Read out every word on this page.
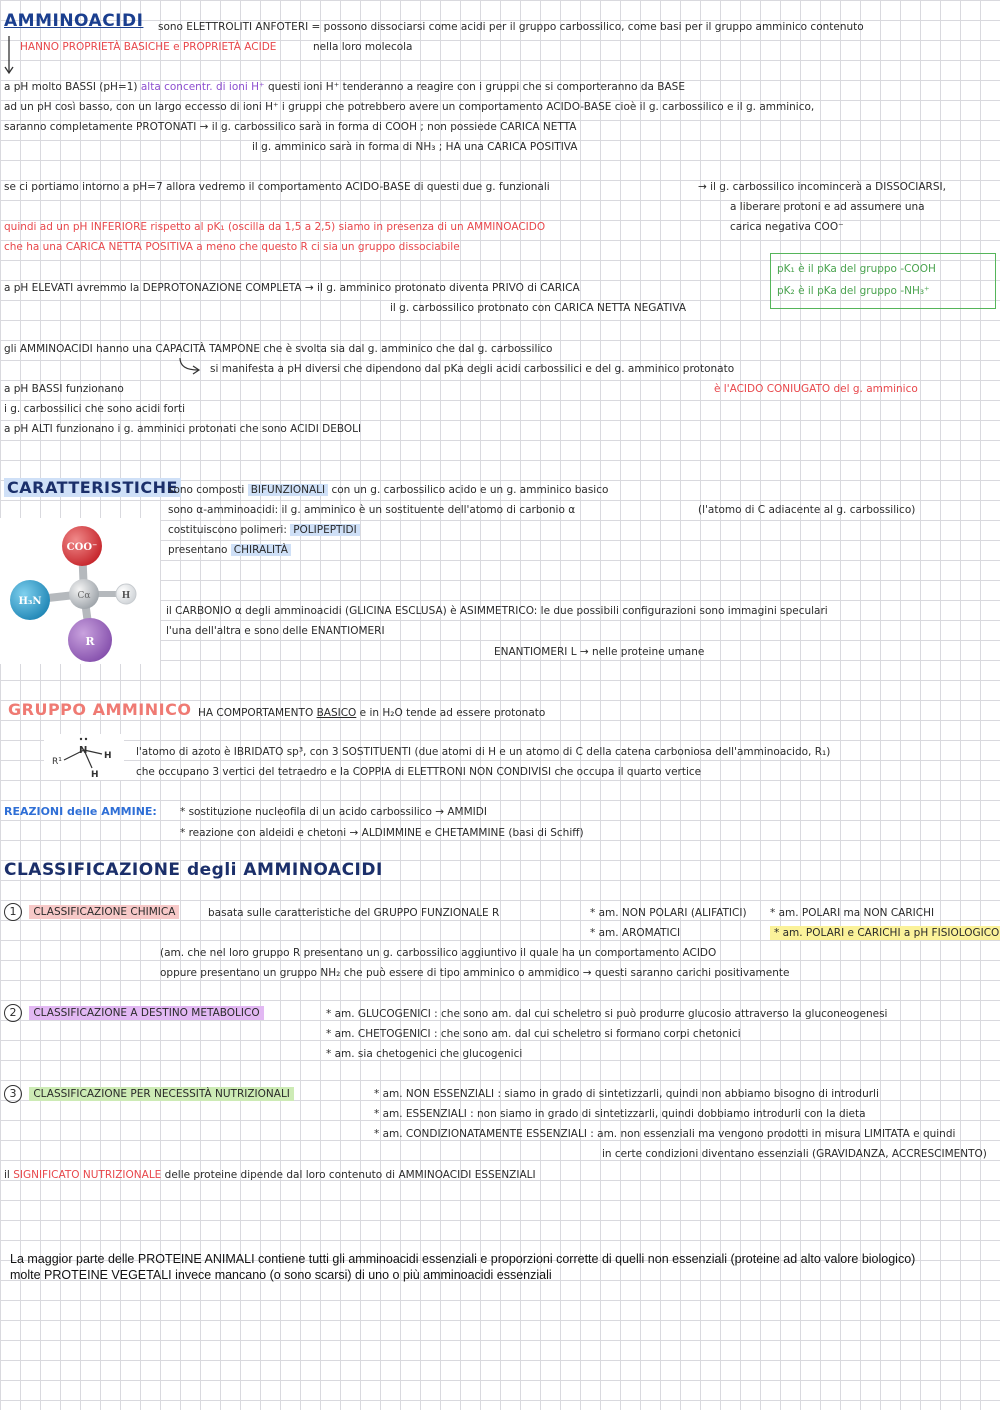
AMMINOACIDI sono ELETTROLITI ANFOTERI = possono dissociarsi come acidi per il gruppo carbossilico, come basi per il gruppo amminico contenuto
HANNO PROPRIETÀ BASICHE e PROPRIETÀ ACIDE	nella loro molecola
a pH molto BASSI (pH=1) alta concentr. di ioni H⁺ questi ioni H⁺ tenderanno a reagire con i gruppi che si comporteranno da BASE
ad un pH così basso, con un largo eccesso di ioni H⁺ i gruppi che potrebbero avere un comportamento ACIDO-BASE cioè il g. carbossilico e il g. amminico,
saranno completamente PROTONATI → il g. carbossilico sarà in forma di COOH ; non possiede CARICA NETTA
il g. amminico sarà in forma di NH₃ ; HA una CARICA POSITIVA
se ci portiamo intorno a pH=7 allora vedremo il comportamento ACIDO-BASE di questi due g. funzionali	→ il g. carbossilico incomincerà a DISSOCIARSI,
a liberare protoni e ad assumere una
carica negativa COO⁻
quindi ad un pH INFERIORE rispetto al pK₁ (oscilla da 1,5 a 2,5) siamo in presenza di un AMMINOACIDO
che ha una CARICA NETTA POSITIVA a meno che questo R ci sia un gruppo dissociabile
pK₁ è il pKa del gruppo -COOH
pK₂ è il pKa del gruppo -NH₃⁺
a pH ELEVATI avremmo la DEPROTONAZIONE COMPLETA → il g. amminico protonato diventa PRIVO di CARICA
il g. carbossilico protonato con CARICA NETTA NEGATIVA
gli AMMINOACIDI hanno una CAPACITÀ TAMPONE che è svolta sia dal g. amminico che dal g. carbossilico
si manifesta a pH diversi che dipendono dal pKa degli acidi carbossilici e del g. amminico protonato
è l'ACIDO CONIUGATO del g. amminico
a pH BASSI funzionano
i g. carbossilici che sono acidi forti
a pH ALTI funzionano i g. amminici protonati che sono ACIDI DEBOLI
CARATTERISTICHE
sono composti BIFUNZIONALI con un g. carbossilico acido e un g. amminico basico
sono α-amminoacidi: il g. amminico è un sostituente dell'atomo di carbonio α	(l'atomo di C adiacente al g. carbossilico)
costituiscono polimeri: POLIPEPTIDI
presentano CHIRALITÀ
il CARBONIO α degli amminoacidi (GLICINA ESCLUSA) è ASIMMETRICO: le due possibili configurazioni sono immagini speculari
l'una dell'altra e sono delle ENANTIOMERI
ENANTIOMERI L → nelle proteine umane
COO⁻
H₃N	Cα	H
R
GRUPPO AMMINICO HA COMPORTAMENTO BASICO e in H₂O tende ad essere protonato
R¹
N H
H
l'atomo di azoto è IBRIDATO sp³, con 3 SOSTITUENTI (due atomi di H e un atomo di C della catena carboniosa dell'amminoacido, R₁)
che occupano 3 vertici del tetraedro e la COPPIA di ELETTRONI NON CONDIVISI che occupa il quarto vertice
REAZIONI delle AMMINE: * sostituzione nucleofila di un acido carbossilico → AMMIDI
* reazione con aldeidi e chetoni → ALDIMMINE e CHETAMMINE (basi di Schiff)
CLASSIFICAZIONE degli AMMINOACIDI
1 CLASSIFICAZIONE CHIMICA	basata sulle caratteristiche del GRUPPO FUNZIONALE R	* am. NON POLARI (ALIFATICI) * am. POLARI ma NON CARICHI
* am. AROMATICI	* am. POLARI e CARICHI a pH FISIOLOGICO
(am. che nel loro gruppo R presentano un g. carbossilico aggiuntivo il quale ha un comportamento ACIDO
oppure presentano un gruppo NH₂ che può essere di tipo amminico o ammidico → questi saranno carichi positivamente
2 CLASSIFICAZIONE A DESTINO METABOLICO	* am. GLUCOGENICI : che sono am. dal cui scheletro si può produrre glucosio attraverso la gluconeogenesi
* am. CHETOGENICI : che sono am. dal cui scheletro si formano corpi chetonici
* am. sia chetogenici che glucogenici
3 CLASSIFICAZIONE PER NECESSITÀ NUTRIZIONALI	* am. NON ESSENZIALI : siamo in grado di sintetizzarli, quindi non abbiamo bisogno di introdurli
* am. ESSENZIALI : non siamo in grado di sintetizzarli, quindi dobbiamo introdurli con la dieta
* am. CONDIZIONATAMENTE ESSENZIALI : am. non essenziali ma vengono prodotti in misura LIMITATA e quindi
in certe condizioni diventano essenziali (GRAVIDANZA, ACCRESCIMENTO)
il SIGNIFICATO NUTRIZIONALE delle proteine dipende dal loro contenuto di AMMINOACIDI ESSENZIALI
La maggior parte delle PROTEINE ANIMALI contiene tutti gli amminoacidi essenziali e proporzioni corrette di quelli non essenziali (proteine ad alto valore biologico)
molte PROTEINE VEGETALI invece mancano (o sono scarsi) di uno o più amminoacidi essenziali
